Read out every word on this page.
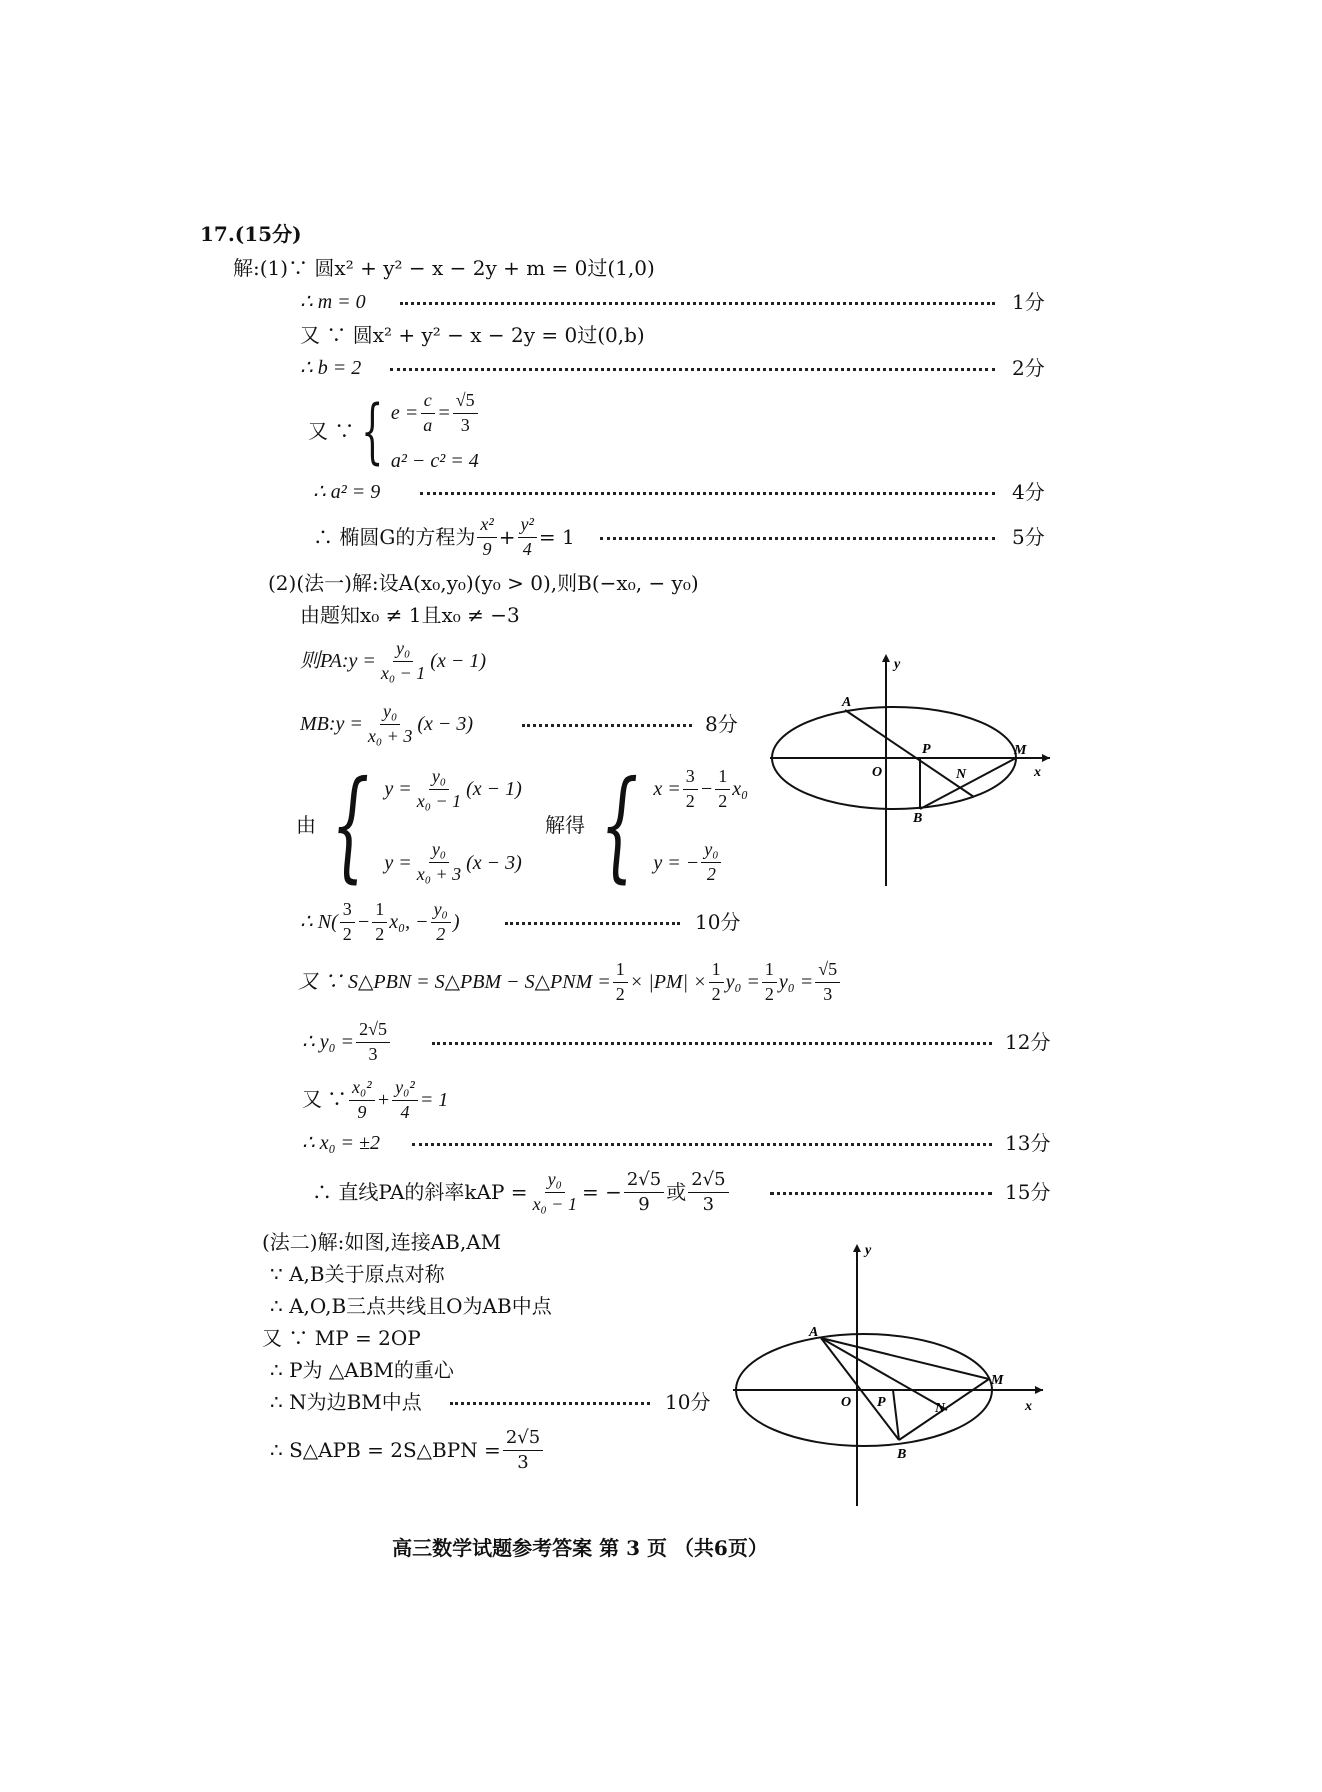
17. (15分)
解:(1)∵ 圆x² + y² − x − 2y + m = 0过(1,0)
∴ m = 0	1分
又 ∵ 圆x² + y² − x − 2y = 0过(0,b)
∴ b = 2	2分
又 ∵ { $e = \frac{c}{a} = \frac{√5}{3}$
a² − c² = 4
∴ a² = 9	4分
∴ 椭圆G的方程为 $\frac{\text{x²}}{9} + \frac{\text{y²}}{4} = 1$	5分
(2)(法一)解:设A(x₀,y₀)(y₀ > 0),则B(−x₀, − y₀)
由题知x₀ ≠ 1且x₀ ≠ −3
则PA:y = $\frac{\text{y₀}}{\text{x₀ − 1}} (x - 1)$
MB:y = $\frac{\text{y₀}}{\text{x₀ + 3}} (x - 3)$	8分
由 { $y = \frac{\text{y₀}}{\text{x₀ − 1}} (x - 1)$
$y = \frac{\text{y₀}}{\text{x₀ + 3}} (x - 3)$
解得 { $x = \frac{3}{2} - \frac{1}{2} x_0$
y = − $\frac{\text{y₀}}{2}$
∴ $N( \frac{3}{2} - \frac{1}{2} x_0$, − $\frac{\text{y₀}}{2}$ )	10分
又 ∵ S△PBN = S△PBM − S△PNM = $\frac{1}{2} \times |PM| \times \frac{1}{2} y_0 = \frac{1}{2} y_0 = \frac{√5}{3}$
∴ $y_0 = \frac{2√5}{3}$	12分
又 ∵ $\frac{\text{x₀²}}{9} + \frac{\text{y₀²}}{4} = 1$
∴ x₀ = ±2	13分
∴ 直线PA的斜率kAP = $\frac{\text{y₀}}{\text{x₀ − 1}}$ = − $\frac{2√5}{9}$ 或 $\frac{2√5}{3}$	15分
(法二)解:如图,连接AB,AM
∵ A,B关于原点对称
∴ A,O,B三点共线且O为AB中点
又 ∵ MP = 2OP
∴ P为 △ABM的重心
∴ N为边BM中点	10分
∴ S△APB = 2S△BPN = $\frac{2√5}{3}$
y
x
O
A
P
N
M
B
y
x
O
A
P	N
M
B
高三数学试题参考答案 第 3 页 （共6页）
